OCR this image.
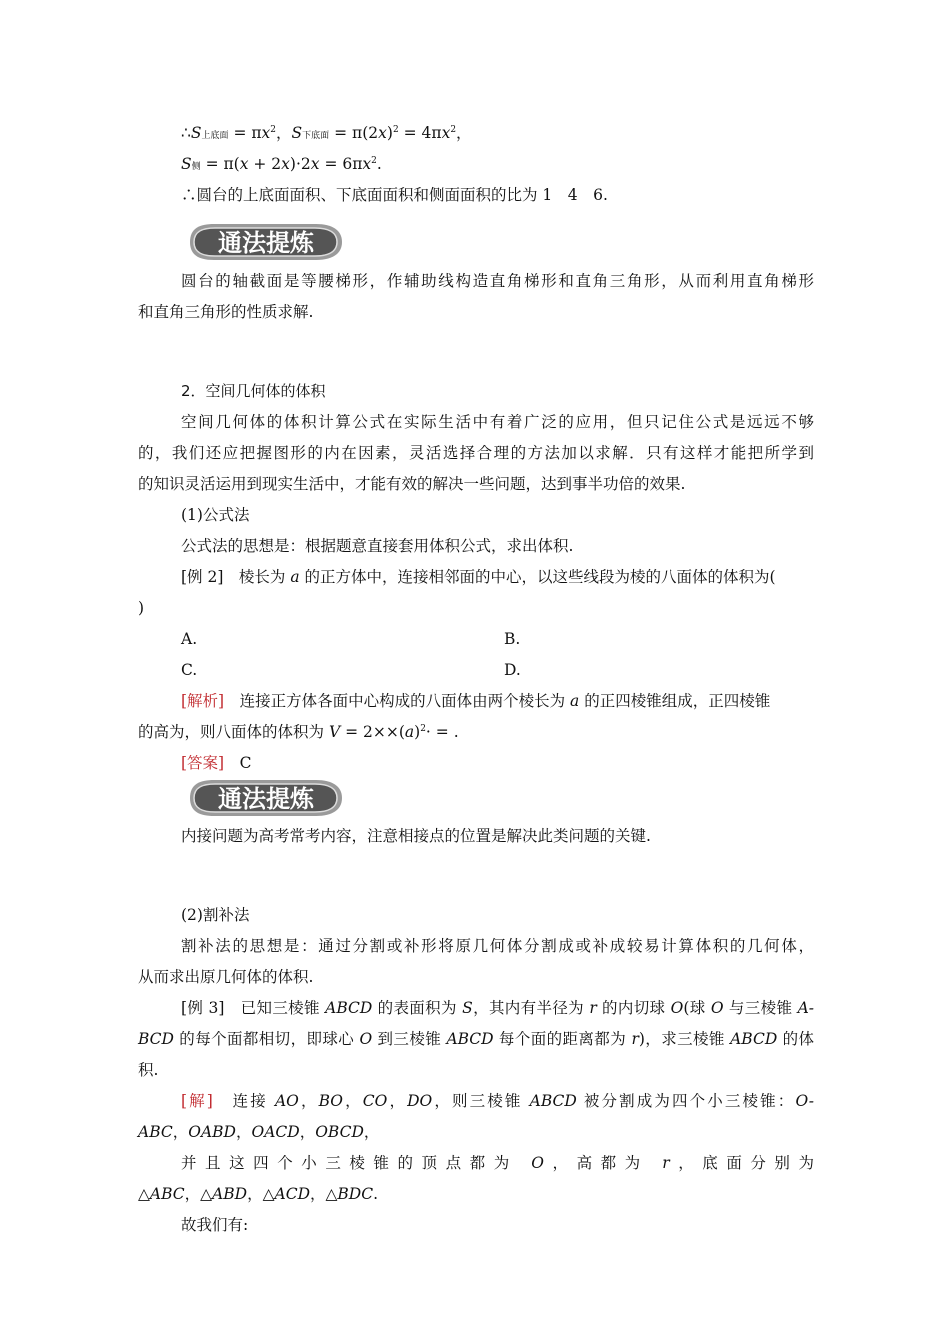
∴S上底面 = $\pi x^2$，S下底面 = $\pi(2x)^2 = 4\pi x^2$，
S侧 = $\pi(x + 2x)\cdot 2x = 6\pi x^2$.
∴圆台的上底面面积、下底面面积和侧面面积的比为 1　4　6.
通法提炼
圆台的轴截面是等腰梯形，作辅助线构造直角梯形和直角三角形，从而利用直角梯形
和直角三角形的性质求解.
2．空间几何体的体积
空间几何体的体积计算公式在实际生活中有着广泛的应用，但只记住公式是远远不够
的，我们还应把握图形的内在因素，灵活选择合理的方法加以求解．只有这样才能把所学到
的知识灵活运用到现实生活中，才能有效的解决一些问题，达到事半功倍的效果.
(1)公式法
公式法的思想是：根据题意直接套用体积公式，求出体积.
[例 2]　棱长为 a 的正方体中，连接相邻面的中心，以这些线段为棱的八面体的体积为(
)
A.	B.
C.	D.
[解析]　连接正方体各面中心构成的八面体由两个棱长为 a 的正四棱锥组成，正四棱锥
的高为，则八面体的体积为 $V = 2\times\times(a)^2\cdot$ = .
[答案]　C
通法提炼
内接问题为高考常考内容，注意相接点的位置是解决此类问题的关键.
(2)割补法
割补法的思想是：通过分割或补形将原几何体分割成或补成较易计算体积的几何体，
从而求出原几何体的体积.
[例 3]　已知三棱锥 ABCD 的表面积为 S，其内有半径为 r 的内切球 O(球 O 与三棱锥 A-
BCD 的每个面都相切，即球心 O 到三棱锥 ABCD 每个面的距离都为 r)，求三棱锥 ABCD 的体
积.
[解]　连接 AO，BO，CO，DO，则三棱锥 ABCD 被分割成为四个小三棱锥：O-
ABC，OABD，OACD，OBCD，
并且这四个小三棱锥的顶点都为 O，高都为 r，底面分别为
△ABC，△ABD，△ACD，△BDC.
故我们有:
